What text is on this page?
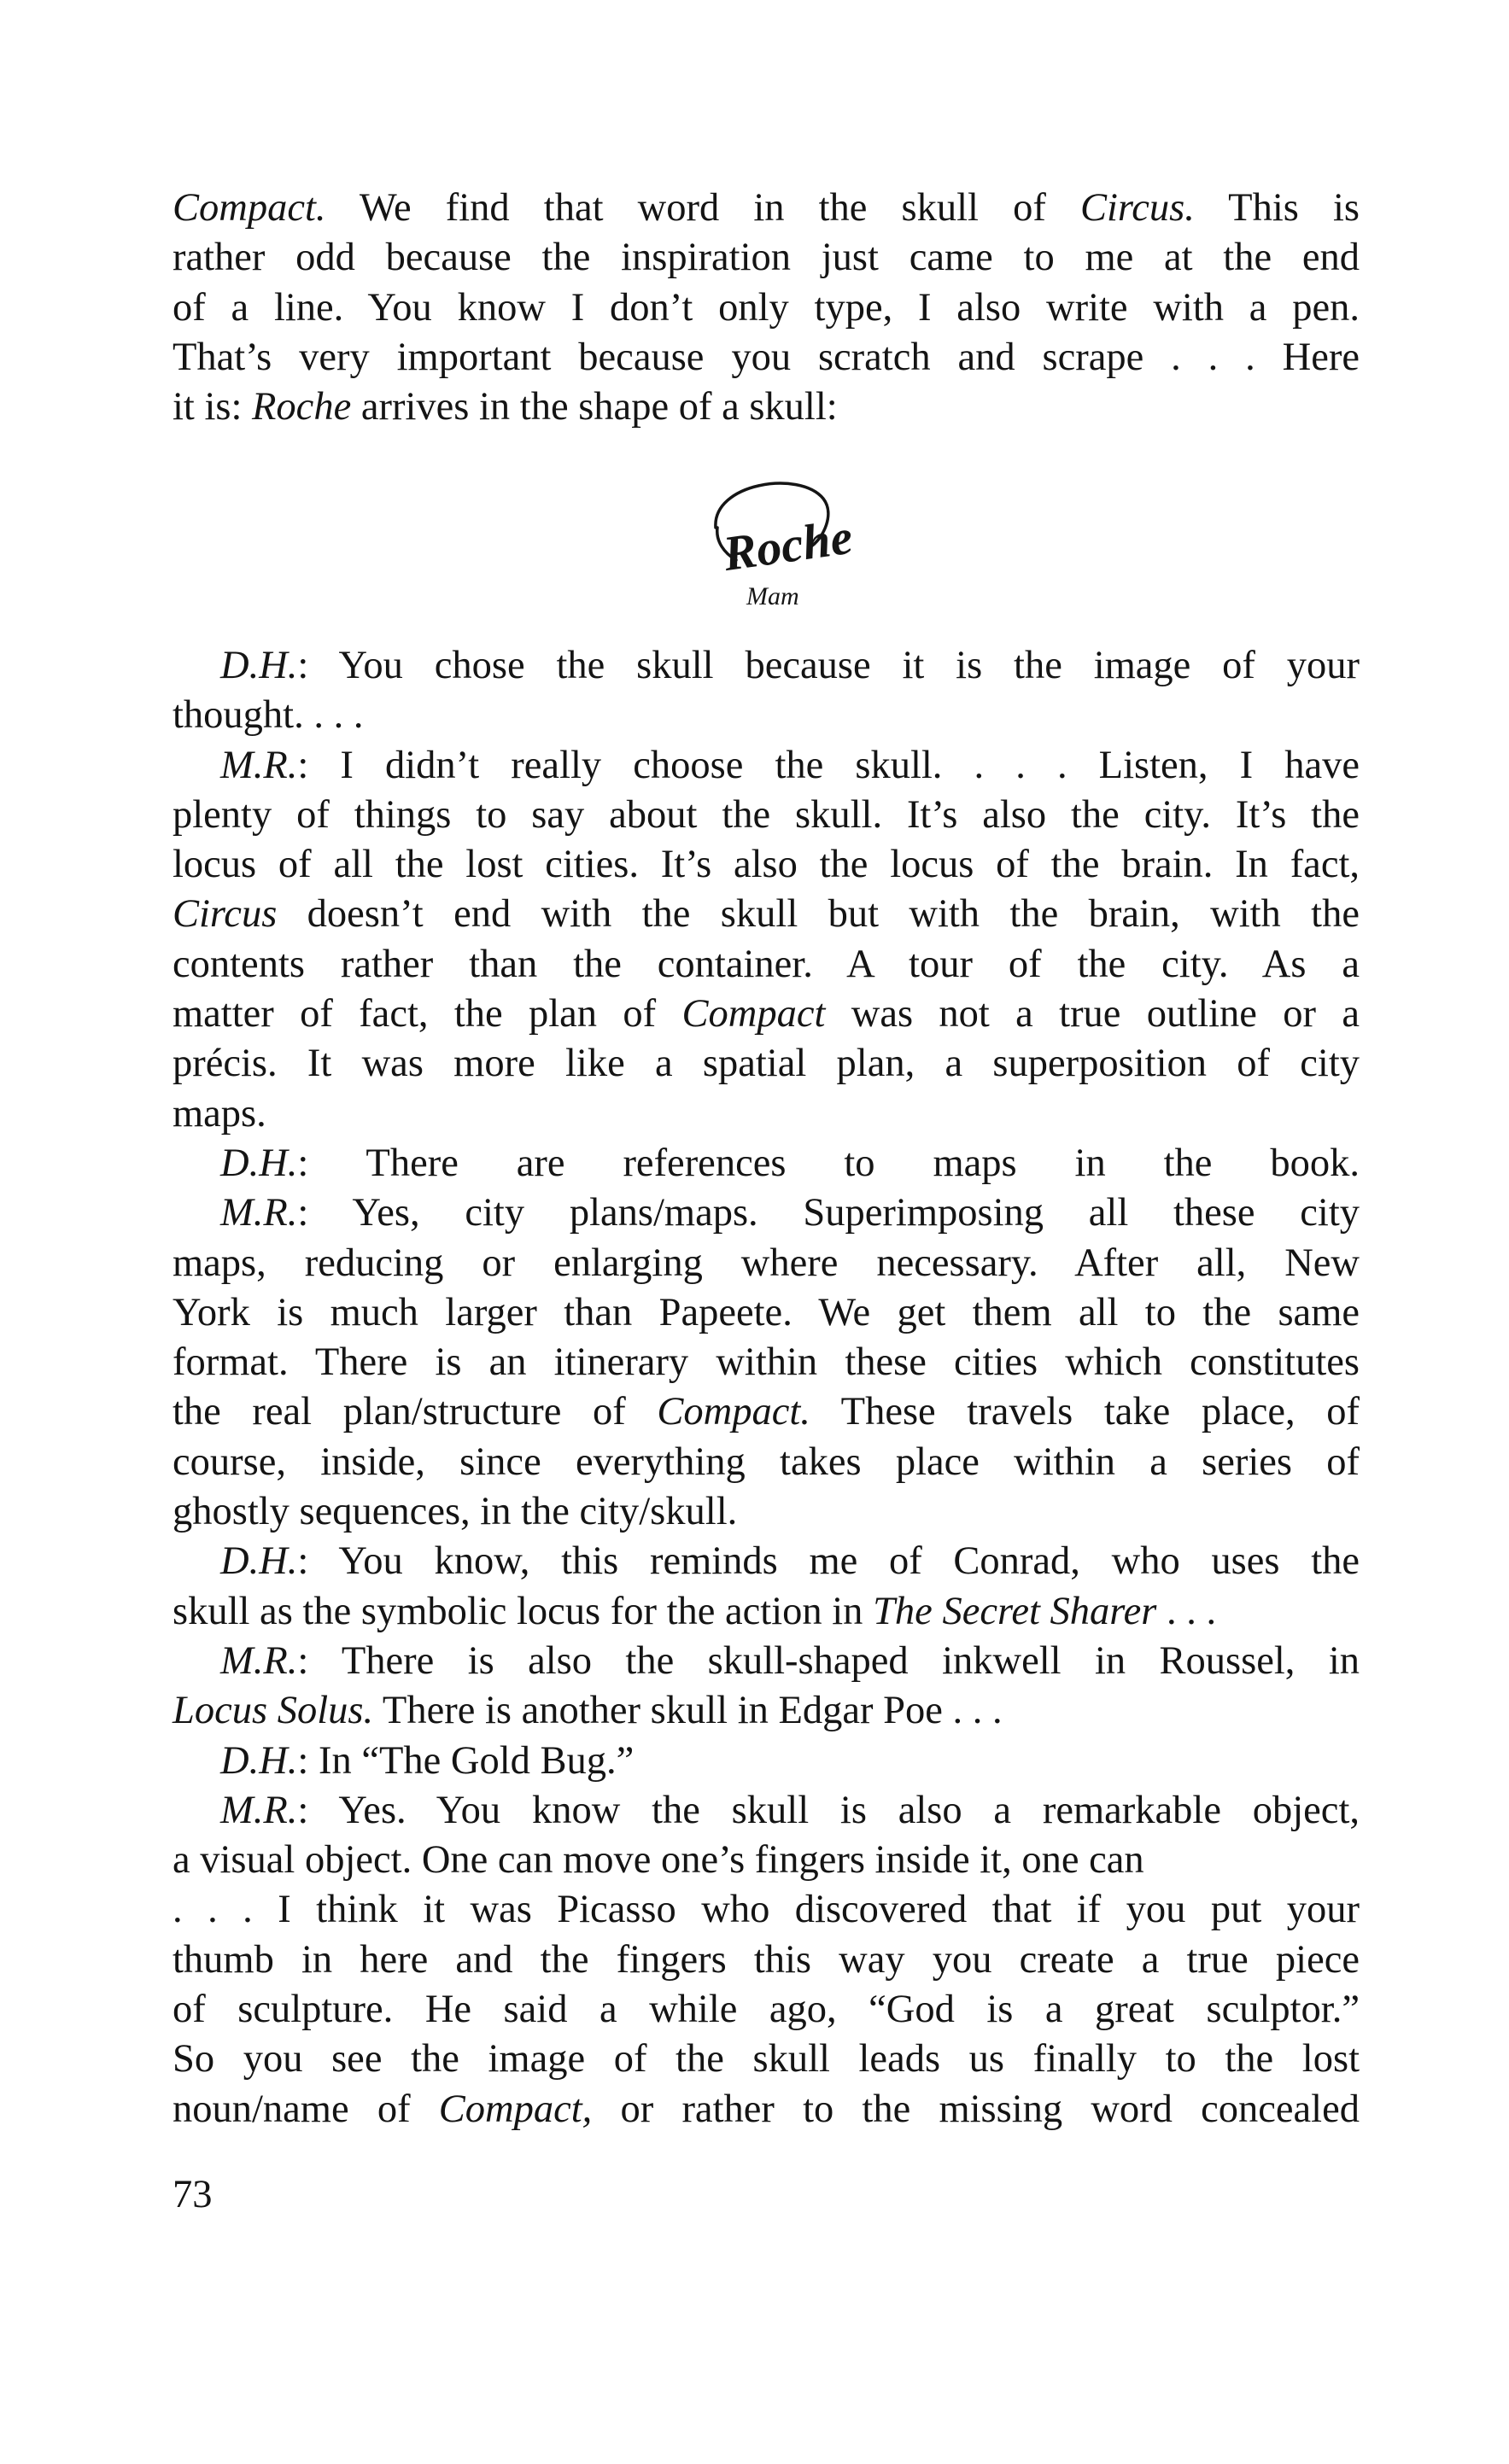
Compact. We find that word in the skull of Circus. This is
rather odd because the inspiration just came to me at the end
of a line. You know I don’t only type, I also write with a pen.
That’s very important because you scratch and scrape . . . Here
it is: Roche arrives in the shape of a skull:
Roche
Mam
D.H.: You chose the skull because it is the image of your
thought. . . .
M.R.: I didn’t really choose the skull. . . . Listen, I have
plenty of things to say about the skull. It’s also the city. It’s the
locus of all the lost cities. It’s also the locus of the brain. In fact,
Circus doesn’t end with the skull but with the brain, with the
contents rather than the container. A tour of the city. As a
matter of fact, the plan of Compact was not a true outline or a
précis. It was more like a spatial plan, a superposition of city
maps.
D.H.: There are references to maps in the book.
M.R.: Yes, city plans/maps. Superimposing all these city
maps, reducing or enlarging where necessary. After all, New
York is much larger than Papeete. We get them all to the same
format. There is an itinerary within these cities which constitutes
the real plan/structure of Compact. These travels take place, of
course, inside, since everything takes place within a series of
ghostly sequences, in the city/skull.
D.H.: You know, this reminds me of Conrad, who uses the
skull as the symbolic locus for the action in The Secret Sharer . . .
M.R.: There is also the skull-shaped inkwell in Roussel, in
Locus Solus. There is another skull in Edgar Poe . . .
D.H.: In “The Gold Bug.”
M.R.: Yes. You know the skull is also a remarkable object,
a visual object. One can move one’s fingers inside it, one can
. . . I think it was Picasso who discovered that if you put your
thumb in here and the fingers this way you create a true piece
of sculpture. He said a while ago, “God is a great sculptor.”
So you see the image of the skull leads us finally to the lost
noun/name of Compact, or rather to the missing word concealed
73
